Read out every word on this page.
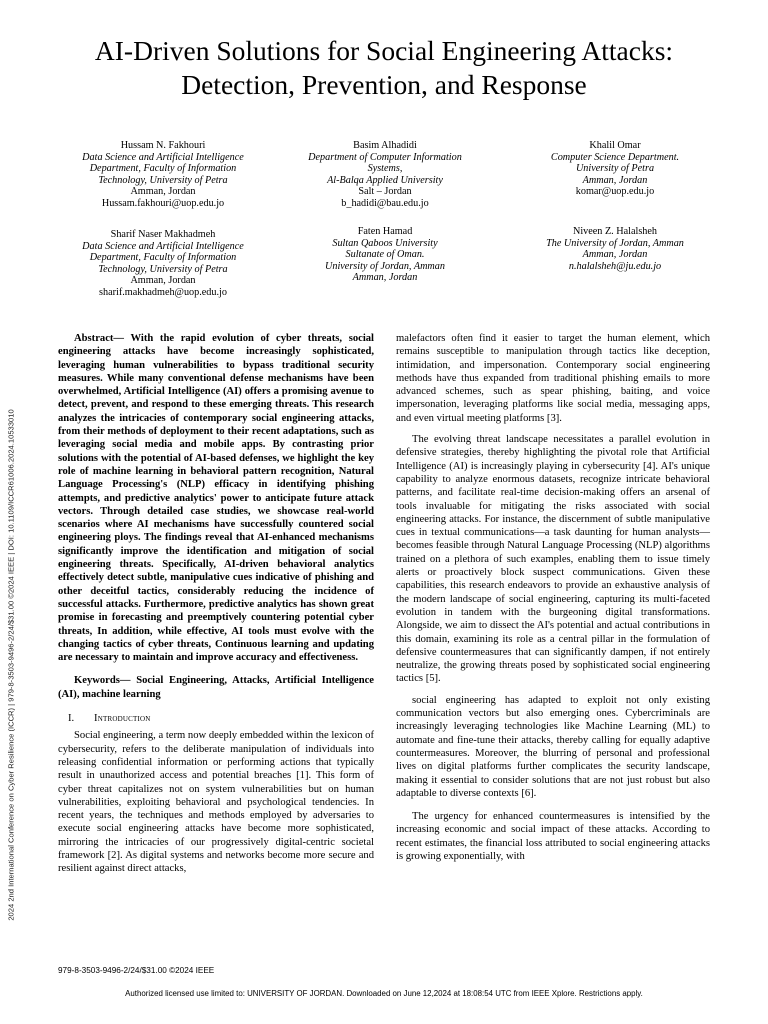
AI-Driven Solutions for Social Engineering Attacks:
Detection, Prevention, and Response
Hussam N. Fakhouri
Data Science and Artificial Intelligence
Department, Faculty of Information
Technology, University of Petra
Amman, Jordan
Hussam.fakhouri@uop.edu.jo
Basim Alhadidi
Department of Computer Information
Systems,
Al-Balqa Applied University
Salt – Jordan
b_hadidi@bau.edu.jo
Khalil Omar
Computer Science Department.
University of Petra
Amman, Jordan
komar@uop.edu.jo
Sharif Naser Makhadmeh
Data Science and Artificial Intelligence
Department, Faculty of Information
Technology, University of Petra
Amman, Jordan
sharif.makhadmeh@uop.edu.jo
Faten Hamad
Sultan Qaboos University
Sultanate of Oman.
University of Jordan, Amman
Amman, Jordan
Niveen Z. Halalsheh
The University of Jordan, Amman
Amman, Jordan
n.halalsheh@ju.edu.jo
2024 2nd International Conference on Cyber Resilience (ICCR) | 979-8-3503-9496-2/24/$31.00 ©2024 IEEE | DOI: 10.1109/ICCR61006.2024.10533010

Abstract— With the rapid evolution of cyber threats, social engineering attacks have become increasingly sophisticated, leveraging human vulnerabilities to bypass traditional security measures. While many conventional defense mechanisms have been overwhelmed, Artificial Intelligence (AI) offers a promising avenue to detect, prevent, and respond to these emerging threats. This research analyzes the intricacies of contemporary social engineering attacks, from their methods of deployment to their recent adaptations, such as leveraging social media and mobile apps. By contrasting prior solutions with the potential of AI-based defenses, we highlight the key role of machine learning in behavioral pattern recognition, Natural Language Processing's (NLP) efficacy in identifying phishing attempts, and predictive analytics' power to anticipate future attack vectors. Through detailed case studies, we showcase real-world scenarios where AI mechanisms have successfully countered social engineering ploys. The findings reveal that AI-enhanced mechanisms significantly improve the identification and mitigation of social engineering threats. Specifically, AI-driven behavioral analytics effectively detect subtle, manipulative cues indicative of phishing and other deceitful tactics, considerably reducing the incidence of successful attacks. Furthermore, predictive analytics has shown great promise in forecasting and preemptively countering potential cyber threats, In addition, while effective, AI tools must evolve with the changing tactics of cyber threats, Continuous learning and updating are necessary to maintain and improve accuracy and effectiveness.

Keywords— Social Engineering, Attacks, Artificial Intelligence (AI), machine learning

I. Introduction

Social engineering, a term now deeply embedded within the lexicon of cybersecurity, refers to the deliberate manipulation of individuals into releasing confidential information or performing actions that typically result in unauthorized access and potential breaches [1]. This form of cyber threat capitalizes not on system vulnerabilities but on human vulnerabilities, exploiting behavioral and psychological tendencies. In recent years, the techniques and methods employed by adversaries to execute social engineering attacks have become more sophisticated, mirroring the intricacies of our progressively digital-centric societal framework [2]. As digital systems and networks become more secure and resilient against direct attacks,

malefactors often find it easier to target the human element, which remains susceptible to manipulation through tactics like deception, intimidation, and impersonation. Contemporary social engineering methods have thus expanded from traditional phishing emails to more advanced schemes, such as spear phishing, baiting, and voice impersonation, leveraging platforms like social media, messaging apps, and even virtual meeting platforms [3].

The evolving threat landscape necessitates a parallel evolution in defensive strategies, thereby highlighting the pivotal role that Artificial Intelligence (AI) is increasingly playing in cybersecurity [4]. AI's unique capability to analyze enormous datasets, recognize intricate behavioral patterns, and facilitate real-time decision-making offers an arsenal of tools invaluable for mitigating the risks associated with social engineering attacks. For instance, the discernment of subtle manipulative cues in textual communications—a task daunting for human analysts—becomes feasible through Natural Language Processing (NLP) algorithms trained on a plethora of such examples, enabling them to issue timely alerts or proactively block suspect communications. Given these capabilities, this research endeavors to provide an exhaustive analysis of the modern landscape of social engineering, capturing its multi-faceted evolution in tandem with the burgeoning digital transformations. Alongside, we aim to dissect the AI's potential and actual contributions in this domain, examining its role as a central pillar in the formulation of defensive countermeasures that can significantly dampen, if not entirely neutralize, the growing threats posed by sophisticated social engineering tactics [5].

social engineering has adapted to exploit not only existing communication vectors but also emerging ones. Cybercriminals are increasingly leveraging technologies like Machine Learning (ML) to automate and fine-tune their attacks, thereby calling for equally adaptive countermeasures. Moreover, the blurring of personal and professional lives on digital platforms further complicates the security landscape, making it essential to consider solutions that are not just robust but also adaptable to diverse contexts [6].

The urgency for enhanced countermeasures is intensified by the increasing economic and social impact of these attacks. According to recent estimates, the financial loss attributed to social engineering attacks is growing exponentially, with

979-8-3503-9496-2/24/$31.00 ©2024 IEEE
Authorized licensed use limited to: UNIVERSITY OF JORDAN. Downloaded on June 12,2024 at 18:08:54 UTC from IEEE Xplore. Restrictions apply.
